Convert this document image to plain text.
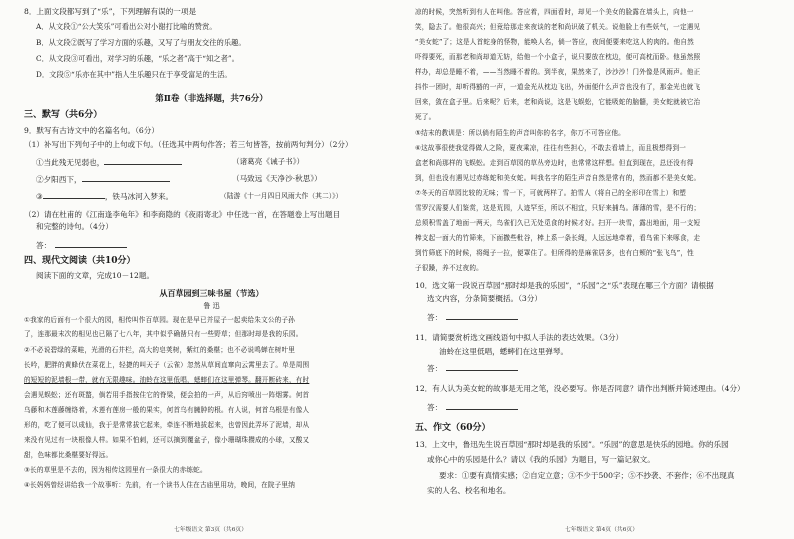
8．上面文段都写到了“乐”，下列理解有误的一项是
A．从文段①“公大笑乐”可看出公对小谢打比喻的赞赏。
B．从文段②既写了学习方面的乐趣，又写了与朋友交往的乐趣。
C．从文段③可看出，对学习的乐趣，“乐之者”高于“知之者”。
D．文段⑤“乐亦在其中”指人生乐趣只在于享受富足的生活。
第Ⅱ卷（非选择题，共76分）
三、默写（共6分）
9．默写有古诗文中的名篇名句。（6分）
（1）补写出下列句子中的上句或下句。（任选其中两句作答；若三句皆答，按前两句判分）（2分）
①当此残无见弱也，	（诸葛亮《诫子书》）
②夕阳西下，	（马致远《天净沙·秋思》）
③	，铁马冰河入梦来。	（陆游《十一月四日风雨大作（其二）》）
（2）请在杜甫的《江南逢李龟年》和李商隐的《夜雨寄北》中任选一首，在答题卷上写出题目
和完整的诗句。（4分）
答：
四、现代文阅读（共10分）
阅读下面的文章，完成10－12题。
从百草园到三味书屋（节选）
鲁 迅
①我家的后面有一个很大的园，相传叫作百草园。现在是早已并屋子一起卖给朱文公的子孙
了，连那最末次的相见也已隔了七八年，其中似乎确凿只有一些野草；但那时却是我的乐园。
②不必说碧绿的菜畦，光滑的石井栏，高大的皂荚树，紫红的桑椹；也不必说鸣蝉在树叶里
长吟，肥胖的黄蜂伏在菜花上，轻捷的叫天子（云雀）忽然从草间直窜向云霄里去了。单是周围
的短短的泥墙根一带，就有无限趣味。油蛉在这里低唱，蟋蟀们在这里弹琴。翻开断砖来，有时
会遇见蜈蚣；还有斑蝥，倘若用手指按住它的脊梁，便会拍的一声，从后窍喷出一阵烟雾。何首
乌藤和木莲藤缠络着，木莲有莲房一般的果实，何首乌有臃肿的根。有人说，何首乌根是有像人
形的，吃了便可以成仙，我于是常常拔它起来，牵连不断地拔起来，也曾因此弄坏了泥墙，却从
来没有见过有一块根像人样。如果不怕刺，还可以摘到覆盆子，像小珊瑚珠攒成的小球，又酸又
甜，色味都比桑椹要好得远。
③长的草里是不去的，因为相传这园里有一条很大的赤练蛇。
④长妈妈曾经讲给我一个故事听：先前，有一个读书人住在古庙里用功，晚间，在院子里纳
七年级语文 第3页（共6页）
凉的时候，突然听到有人在叫他。答应着，四面看时，却见一个美女的脸露在墙头上，向他一
笑，隐去了。他很高兴；但竟给那走来夜谈的老和尚识破了机关。说他脸上有些妖气，一定遇见
“美女蛇”了；这是人首蛇身的怪物，能唤人名，倘一答应，夜间便要来吃这人的肉的。他自然
吓得要死，而那老和尚却道无妨，给他一个小盒子，说只要放在枕边，便可高枕而卧。他虽然照
样办，却总是睡不着，——当然睡不着的。到半夜，果然来了，沙沙沙！门外像是风雨声。他正
抖作一团时，却听得豁的一声，一道金光从枕边飞出，外面便什么声音也没有了，那金光也就飞
回来，敛在盒子里。后来呢？后来，老和尚说，这是飞蜈蚣，它能吸蛇的脑髓，美女蛇就被它治
死了。
⑤结末的教训是：所以倘有陌生的声音叫你的名字，你万不可答应他。
⑥这故事很使我觉得做人之险，夏夜乘凉，往往有些担心，不敢去看墙上，而且极想得到一
盒老和尚那样的飞蜈蚣。走到百草园的草丛旁边时，也常常这样想。但直到现在，总还没有得
到，但也没有遇见过赤练蛇和美女蛇。叫我名字的陌生声音自然是常有的，然而都不是美女蛇。
⑦冬天的百草园比较的无味；雪一下，可就两样了。拍雪人（将自己的全形印在雪上）和塑
雪罗汉需要人们鉴赏，这是荒园，人迹罕至，所以不相宜，只好来捕鸟。薄薄的雪，是不行的；
总须积雪盖了地面一两天，鸟雀们久已无处觅食的时候才好。扫开一块雪，露出地面，用一支短
棒支起一面大的竹筛来，下面撒些秕谷，棒上系一条长绳，人远远地牵着，看鸟雀下来啄食，走
到竹筛底下的时候，将绳子一拉，便罩住了。但所得的是麻雀居多，也有白颊的“张飞鸟”，性
子很躁，养不过夜的。
10．选文第一段说百草园“那时却是我的乐园”，“乐园”之“乐”表现在哪三个方面？请根据
选文内容，分条简要概括。（3分）
答：
11．请简要赏析选文画线语句中拟人手法的表达效果。（3分）
油蛉在这里低唱，蟋蟀们在这里弹琴。
答：
12．有人认为美女蛇的故事是无用之笔，没必要写。你是否同意？请作出判断并简述理由。（4分）
答：
五、作文（60分）
13．上文中，鲁迅先生说百草园“那时却是我的乐园”。“乐园”的意思是快乐的园地。你的乐园
或你心中的乐园是什么？请以《我的乐园》为题目，写一篇记叙文。
要求：①要有真情实感；②自定立意；③不少于500字；⑤不抄袭、不套作；⑥不出现真
实的人名、校名和地名。
七年级语文 第4页（共6页）
